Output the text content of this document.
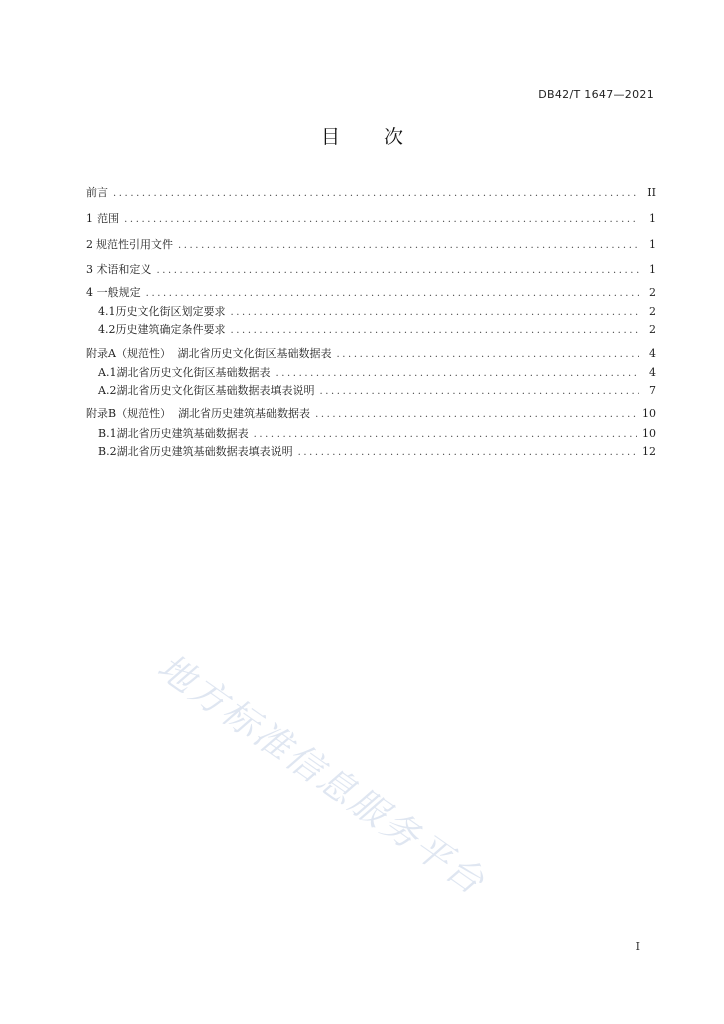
DB42/T 1647—2021
目 次
前言 .....	II
1 范围 .....	1
2 规范性引用文件 .....	1
3 术语和定义 .....	1
4 一般规定 .....	2
4.1 历史文化街区划定要求 .....	2
4.2 历史建筑确定条件要求 .....	2
附录A（规范性） 湖北省历史文化街区基础数据表 .....	4
A.1 湖北省历史文化街区基础数据表 .....	4
A.2 湖北省历史文化街区基础数据表填表说明 .....	7
附录B（规范性） 湖北省历史建筑基础数据表 .....	10
B.1 湖北省历史建筑基础数据表 .....	10
B.2 湖北省历史建筑基础数据表填表说明 .....	12
地方标准信息服务平台
I
